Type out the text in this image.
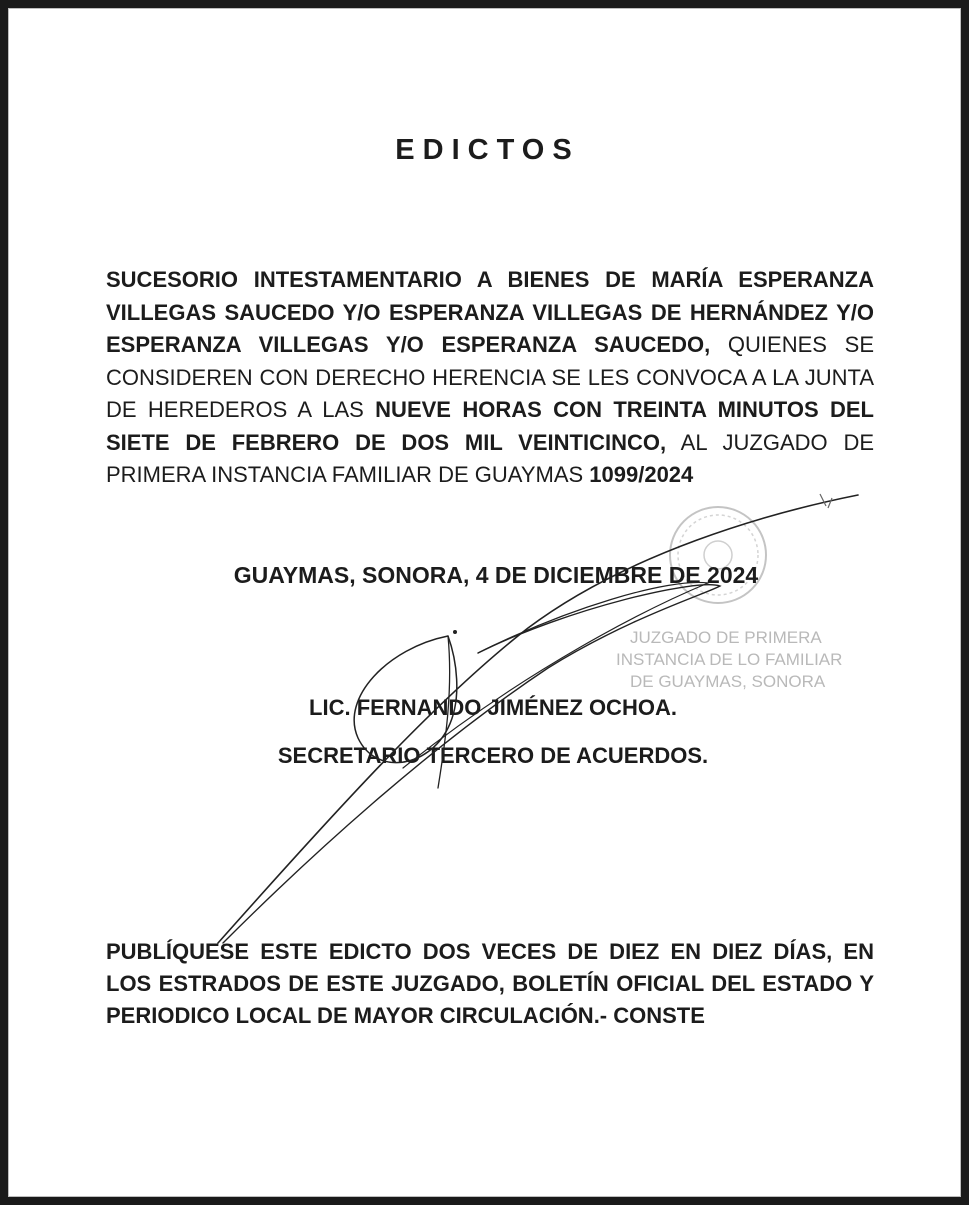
EDICTOS

SUCESORIO INTESTAMENTARIO A BIENES DE MARÍA ESPERANZA VILLEGAS SAUCEDO Y/O ESPERANZA VILLEGAS DE HERNÁNDEZ Y/O ESPERANZA VILLEGAS Y/O ESPERANZA SAUCEDO, QUIENES SE CONSIDEREN CON DERECHO HERENCIA SE LES CONVOCA A LA JUNTA DE HEREDEROS A LAS NUEVE HORAS CON TREINTA MINUTOS DEL SIETE DE FEBRERO DE DOS MIL VEINTICINCO, AL JUZGADO DE PRIMERA INSTANCIA FAMILIAR DE GUAYMAS 1099/2024

JUZGADO DE PRIMERA
INSTANCIA DE LO FAMILIAR
DE GUAYMAS, SONORA
GUAYMAS, SONORA, 4 DE DICIEMBRE DE 2024
LIC. FERNANDO JIMÉNEZ OCHOA.
SECRETARIO TERCERO DE ACUERDOS.

PUBLÍQUESE ESTE EDICTO DOS VECES DE DIEZ EN DIEZ DÍAS, EN LOS ESTRADOS DE ESTE JUZGADO, BOLETÍN OFICIAL DEL ESTADO Y PERIODICO LOCAL DE MAYOR CIRCULACIÓN.- CONSTE
